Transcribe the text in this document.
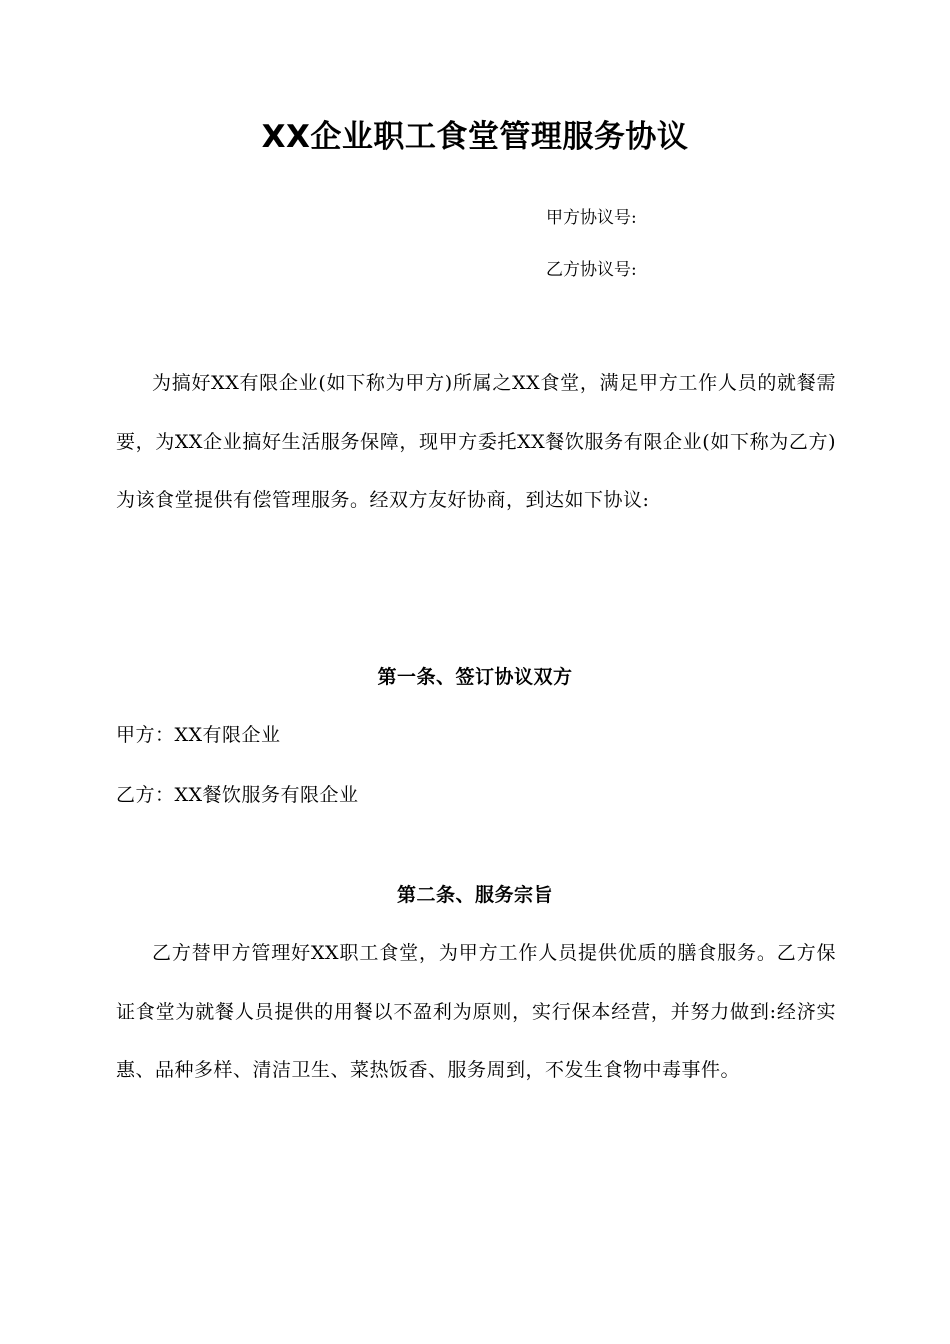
XX企业职工食堂管理服务协议

甲方协议号:

乙方协议号:

为搞好XX有限企业(如下称为甲方)所属之XX食堂，满足甲方工作人员的就餐需要，为XX企业搞好生活服务保障，现甲方委托XX餐饮服务有限企业(如下称为乙方)为该食堂提供有偿管理服务。经双方友好协商，到达如下协议:

第一条、签订协议双方

甲方：XX有限企业

乙方：XX餐饮服务有限企业

第二条、服务宗旨

乙方替甲方管理好XX职工食堂，为甲方工作人员提供优质的膳食服务。乙方保证食堂为就餐人员提供的用餐以不盈利为原则，实行保本经营，并努力做到:经济实惠、品种多样、清洁卫生、菜热饭香、服务周到，不发生食物中毒事件。
